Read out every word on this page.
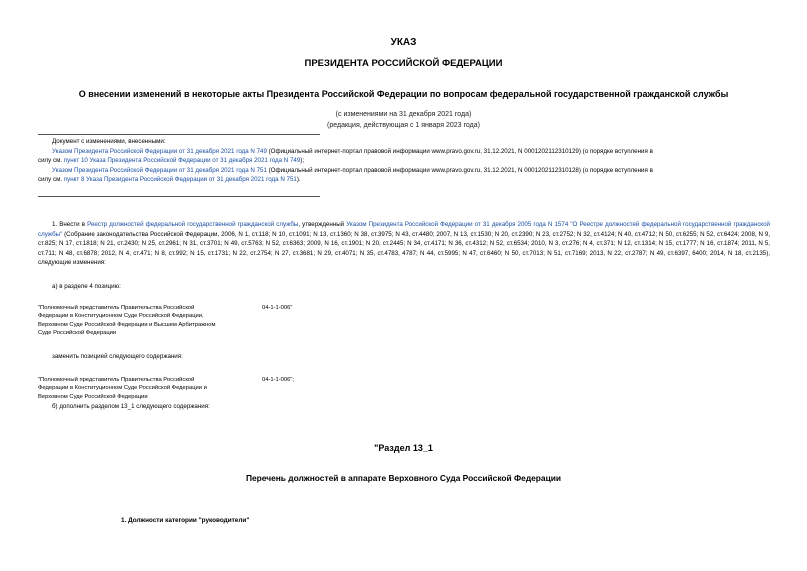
УКАЗ
ПРЕЗИДЕНТА РОССИЙСКОЙ ФЕДЕРАЦИИ
О внесении изменений в некоторые акты Президента Российской Федерации по вопросам федеральной государственной гражданской службы
(с изменениями на 31 декабря 2021 года)
(редакция, действующая с 1 января 2023 года)
Документ с изменениями, внесенными:
Указом Президента Российской Федерации от 31 декабря 2021 года N 749 (Официальный интернет-портал правовой информации www.pravo.gov.ru, 31.12.2021, N 0001202112310129) (о порядке вступления в
силу см. пункт 10 Указа Президента Российской Федерации от 31 декабря 2021 года N 749);
Указом Президента Российской Федерации от 31 декабря 2021 года N 751 (Официальный интернет-портал правовой информации www.pravo.gov.ru, 31.12.2021, N 0001202112310128) (о порядке вступления в
силу см. пункт 8 Указа Президента Российской Федерации от 31 декабря 2021 года N 751).
1. Внести в Реестр должностей федеральной государственной гражданской службы, утвержденный Указом Президента Российской Федерации от 31 декабря 2005 года N 1574 "О Реестре должностей федеральной государственной гражданской службы" (Собрание законодательства Российской Федерации, 2006, N 1, ст.118; N 10, ст.1091; N 13, ст.1360; N 38, ст.3975; N 43, ст.4480; 2007, N 13, ст.1530; N 20, ст.2390; N 23, ст.2752; N 32, ст.4124; N 40, ст.4712; N 50, ст.6255; N 52, ст.6424; 2008, N 9, ст.825; N 17, ст.1818; N 21, ст.2430; N 25, ст.2961; N 31, ст.3701; N 49, ст.5763; N 52, ст.6363; 2009, N 16, ст.1901; N 20, ст.2445; N 34, ст.4171; N 36, ст.4312; N 52, ст.6534; 2010, N 3, ст.276; N 4, ст.371; N 12, ст.1314; N 15, ст.1777; N 16, ст.1874; 2011, N 5, ст.711; N 48, ст.6878; 2012, N 4, ст.471; N 8, ст.992; N 15, ст.1731; N 22, ст.2754; N 27, ст.3681; N 29, ст.4071; N 35, ст.4783, 4787; N 44, ст.5995; N 47, ст.6460; N 50, ст.7013; N 51, ст.7169; 2013, N 22, ст.2787; N 49, ст.6397, 6400; 2014, N 18, ст.2135), следующие изменения:
а) в разделе 4 позицию:
"Полномочный представитель Правительства Российской
Федерации в Конституционном Суде Российской Федерации,
Верховном Суде Российской Федерации и Высшем Арбитражном
Суде Российской Федерации
04-1-1-006"
заменить позицией следующего содержания:
"Полномочный представитель Правительства Российской
Федерации в Конституционном Суде Российской Федерации и
Верховном Суде Российской Федерации
04-1-1-006";
б) дополнить разделом 13_1 следующего содержания:
"Раздел 13_1
Перечень должностей в аппарате Верховного Суда Российской Федерации
1. Должности категории "руководители"
